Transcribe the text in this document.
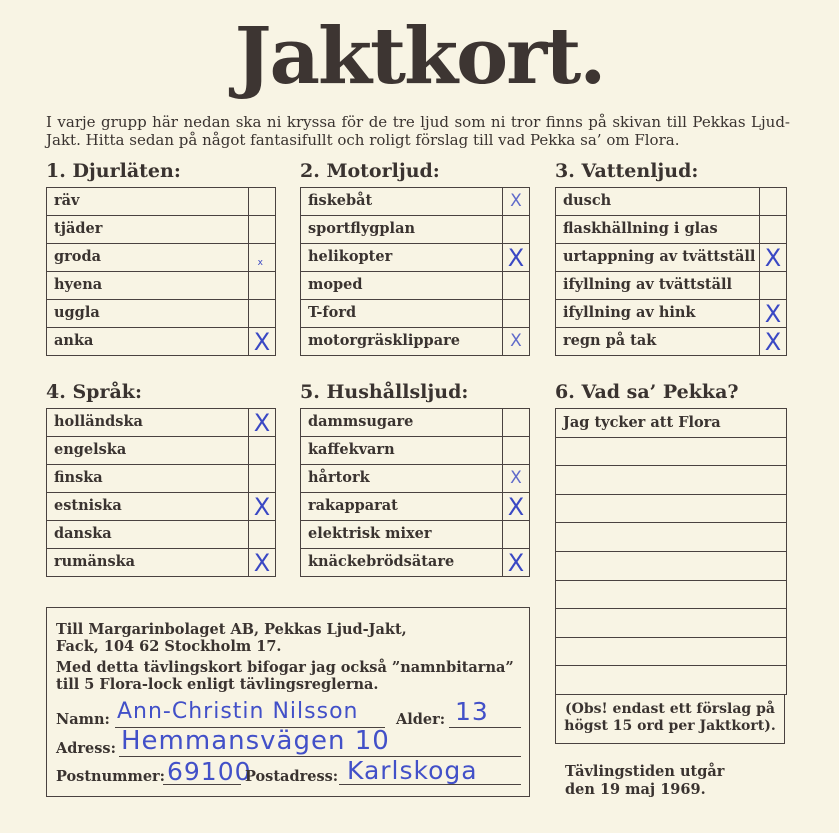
Jaktkort.
I varje grupp här nedan ska ni kryssa för de tre ljud som ni tror finns på skivan till Pekkas Ljud-Jakt. Hitta sedan på något fantasifullt och roligt förslag till vad Pekka sa’ om Flora.
1. Djurläten:	2. Motorljud:	3. Vattenljud:
4. Språk:	5. Hushållsljud:	6. Vad sa’ Pekka?
räv
tjäder
groda	x
hyena
uggla
anka	X
fiskebåt	X
sportflygplan
helikopter	X
moped
T-ford
motorgräsklippare	X
dusch
flaskhällning i glas
urtappning av tvättställ X
ifyllning av tvättställ
ifyllning av hink	X
regn på tak	X
holländska	X
engelska
finska
estniska	X
danska
rumänska	X
dammsugare
kaffekvarn
hårtork	X
rakapparat	X
elektrisk mixer
knäckebrödsätare	X
Jag tycker att Flora
(Obs! endast ett förslag på högst 15 ord per Jaktkort).
Tävlingstiden utgår
den 19 maj 1969.
Till Margarinbolaget AB, Pekkas Ljud-Jakt,
Fack, 104 62 Stockholm 17.
Med detta tävlingskort bifogar jag också ”namnbitarna”
till 5 Flora-lock enligt tävlingsreglerna.
Namn: Ann-Christin Nilsson	Alder: 13
Adress: Hemmansvägen 10
Postnummer: 69100
Postadress: Karlskoga
